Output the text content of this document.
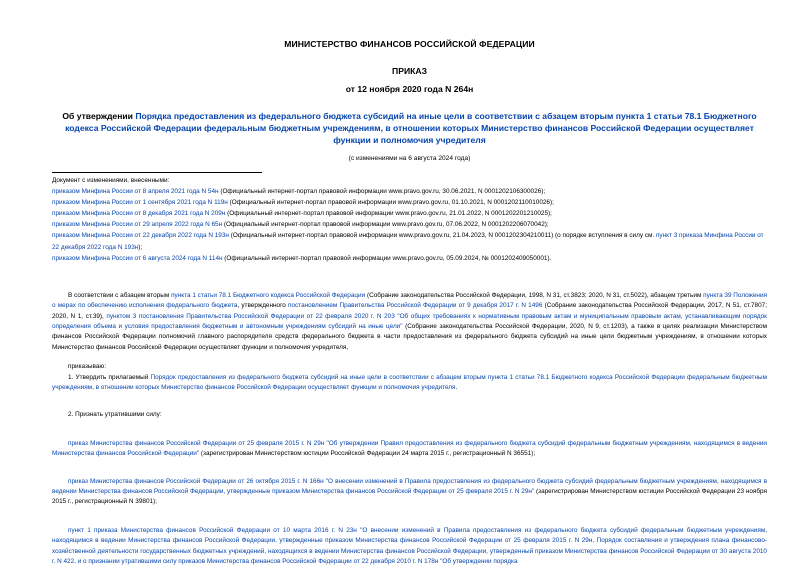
МИНИСТЕРСТВО ФИНАНСОВ РОССИЙСКОЙ ФЕДЕРАЦИИ
ПРИКАЗ
от 12 ноября 2020 года N 264н
Об утверждении Порядка предоставления из федерального бюджета субсидий на иные цели в соответствии с абзацем вторым пункта 1 статьи 78.1 Бюджетного кодекса Российской Федерации федеральным бюджетным учреждениям, в отношении которых Министерство финансов Российской Федерации осуществляет функции и полномочия учредителя
(с изменениями на 6 августа 2024 года)
Документ с изменениями, внесенными:
приказом Минфина России от 8 апреля 2021 года N 54н (Официальный интернет-портал правовой информации www.pravo.gov.ru, 30.06.2021, N 0001202106300026);
приказом Минфина России от 1 сентября 2021 года N 119н (Официальный интернет-портал правовой информации www.pravo.gov.ru, 01.10.2021, N 0001202110010026);
приказом Минфина России от 8 декабря 2021 года N 209н (Официальный интернет-портал правовой информации www.pravo.gov.ru, 21.01.2022, N 0001202201210025);
приказом Минфина России от 29 апреля 2022 года N 65н (Официальный интернет-портал правовой информации www.pravo.gov.ru, 07.06.2022, N 0001202206070042);
приказом Минфина России от 22 декабря 2022 года N 193н (Официальный интернет-портал правовой информации www.pravo.gov.ru, 21.04.2023, N 0001202304210011) (о порядке вступления в силу см. пункт 3 приказа Минфина России от 22 декабря 2022 года N 193н);
приказом Минфина России от 6 августа 2024 года N 114н (Официальный интернет-портал правовой информации www.pravo.gov.ru, 05.09.2024, № 0001202409050001).
В соответствии с абзацем вторым пункта 1 статьи 78.1 Бюджетного кодекса Российской Федерации (Собрание законодательства Российской Федерации, 1998, N 31, ст.3823; 2020, N 31, ст.5022), абзацем третьим пункта 39 Положения о мерах по обеспечению исполнения федерального бюджета, утвержденного постановлением Правительства Российской Федерации от 9 декабря 2017 г. N 1496 (Собрание законодательства Российской Федерации, 2017, N 51, ст.7807; 2020, N 1, ст.39), пунктом 3 постановления Правительства Российской Федерации от 22 февраля 2020 г. N 203 "Об общих требованиях к нормативным правовым актам и муниципальным правовым актам, устанавливающим порядок определения объема и условия предоставления бюджетным и автономным учреждениям субсидий на иные цели" (Собрание законодательства Российской Федерации, 2020, N 9, ст.1203), а также в целях реализации Министерством финансов Российской Федерации полномочий главного распорядителя средств федерального бюджета в части предоставления из федерального бюджета субсидий на иные цели бюджетным учреждениям, в отношении которых Министерство финансов Российской Федерации осуществляет функции и полномочия учредителя,
приказываю:
1. Утвердить прилагаемый Порядок предоставления из федерального бюджета субсидий на иные цели в соответствии с абзацем вторым пункта 1 статьи 78.1 Бюджетного кодекса Российской Федерации федеральным бюджетным учреждениям, в отношении которых Министерство финансов Российской Федерации осуществляет функции и полномочия учредителя.
2. Признать утратившими силу:
приказ Министерства финансов Российской Федерации от 25 февраля 2015 г. N 29н "Об утверждении Правил предоставления из федерального бюджета субсидий федеральным бюджетным учреждениям, находящимся в ведении Министерства финансов Российской Федерации" (зарегистрирован Министерством юстиции Российской Федерации 24 марта 2015 г., регистрационный N 36551);
приказ Министерства финансов Российской Федерации от 26 октября 2015 г. N 166н "О внесении изменений в Правила предоставления из федерального бюджета субсидий федеральным бюджетным учреждениям, находящимся в ведении Министерства финансов Российской Федерации, утвержденные приказом Министерства финансов Российской Федерации от 25 февраля 2015 г. N 29н" (зарегистрирован Министерством юстиции Российской Федерации 23 ноября 2015 г., регистрационный N 39801);
пункт 1 приказа Министерства финансов Российской Федерации от 10 марта 2016 г. N 23н "О внесении изменений в Правила предоставления из федерального бюджета субсидий федеральным бюджетным учреждениям, находящимся в ведении Министерства финансов Российской Федерации, утвержденные приказом Министерства финансов Российской Федерации от 25 февраля 2015 г. N 29н, Порядок составления и утверждения плана финансово-хозяйственной деятельности государственных бюджетных учреждений, находящихся в ведении Министерства финансов Российской Федерации, утвержденный приказом Министерства финансов Российской Федерации от 30 августа 2010 г. N 422, и о признании утратившими силу приказов Министерства финансов Российской Федерации от 22 декабря 2010 г. N 178н "Об утверждении порядка
